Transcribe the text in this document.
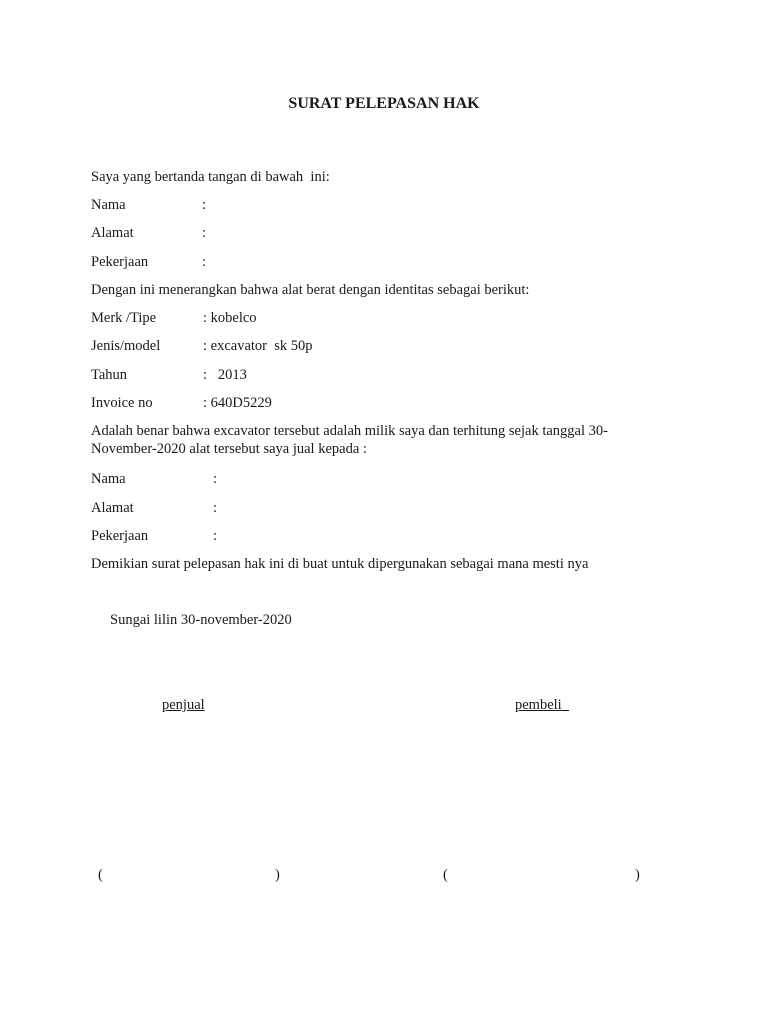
SURAT PELEPASAN HAK
Saya yang bertanda tangan di bawah  ini:
Nama	:
Alamat	:
Pekerjaan	:
Dengan ini menerangkan bahwa alat berat dengan identitas sebagai berikut:
Merk /Tipe	: kobelco
Jenis/model	: excavator  sk 50p
Tahun	:   2013
Invoice no	: 640D5229
Adalah benar bahwa excavator tersebut adalah milik saya dan terhitung sejak tanggal 30-November-2020 alat tersebut saya jual kepada :
Nama	:
Alamat	:
Pekerjaan	:
Demikian surat pelepasan hak ini di buat untuk dipergunakan sebagai mana mesti nya
Sungai lilin 30-november-2020
penjual	pembeli
(	)	(	)
